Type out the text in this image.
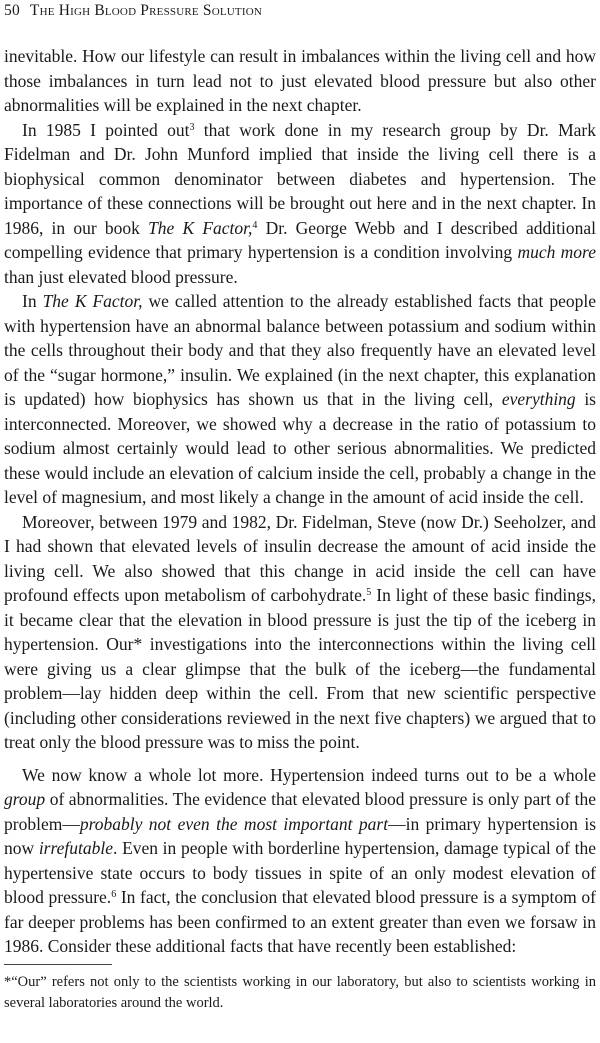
50 The High Blood Pressure Solution

inevitable. How our lifestyle can result in imbalances within the living cell and how those imbalances in turn lead not to just elevated blood pressure but also other abnormalities will be explained in the next chapter.

In 1985 I pointed out$^3$ that work done in my research group by Dr. Mark Fidelman and Dr. John Munford implied that inside the living cell there is a biophysical common denominator between diabetes and hypertension. The importance of these connections will be brought out here and in the next chapter. In 1986, in our book The K Factor,$^4$ Dr. George Webb and I described additional compelling evidence that primary hypertension is a condition involving much more than just elevated blood pressure.

In The K Factor, we called attention to the already established facts that people with hypertension have an abnormal balance between potassium and sodium within the cells throughout their body and that they also frequently have an elevated level of the “sugar hormone,” insulin. We explained (in the next chapter, this explanation is updated) how biophysics has shown us that in the living cell, everything is interconnected. Moreover, we showed why a decrease in the ratio of potassium to sodium almost certainly would lead to other serious abnormalities. We predicted these would include an elevation of calcium inside the cell, probably a change in the level of magnesium, and most likely a change in the amount of acid inside the cell.

Moreover, between 1979 and 1982, Dr. Fidelman, Steve (now Dr.) Seeholzer, and I had shown that elevated levels of insulin decrease the amount of acid inside the living cell. We also showed that this change in acid inside the cell can have profound effects upon metabolism of carbohydrate.$^5$ In light of these basic findings, it became clear that the elevation in blood pressure is just the tip of the iceberg in hypertension. Our* investigations into the interconnections within the living cell were giving us a clear glimpse that the bulk of the iceberg—the fundamental problem—lay hidden deep within the cell. From that new scientific perspective (including other considerations reviewed in the next five chapters) we argued that to treat only the blood pressure was to miss the point.

We now know a whole lot more. Hypertension indeed turns out to be a whole group of abnormalities. The evidence that elevated blood pressure is only part of the problem—probably not even the most important part—in primary hypertension is now irrefutable. Even in people with borderline hypertension, damage typical of the hypertensive state occurs to body tissues in spite of an only modest elevation of blood pressure.$^6$ In fact, the conclusion that elevated blood pressure is a symptom of far deeper problems has been confirmed to an extent greater than even we forsaw in 1986. Consider these additional facts that have recently been established:

*“Our” refers not only to the scientists working in our laboratory, but also to scientists working in several laboratories around the world.
